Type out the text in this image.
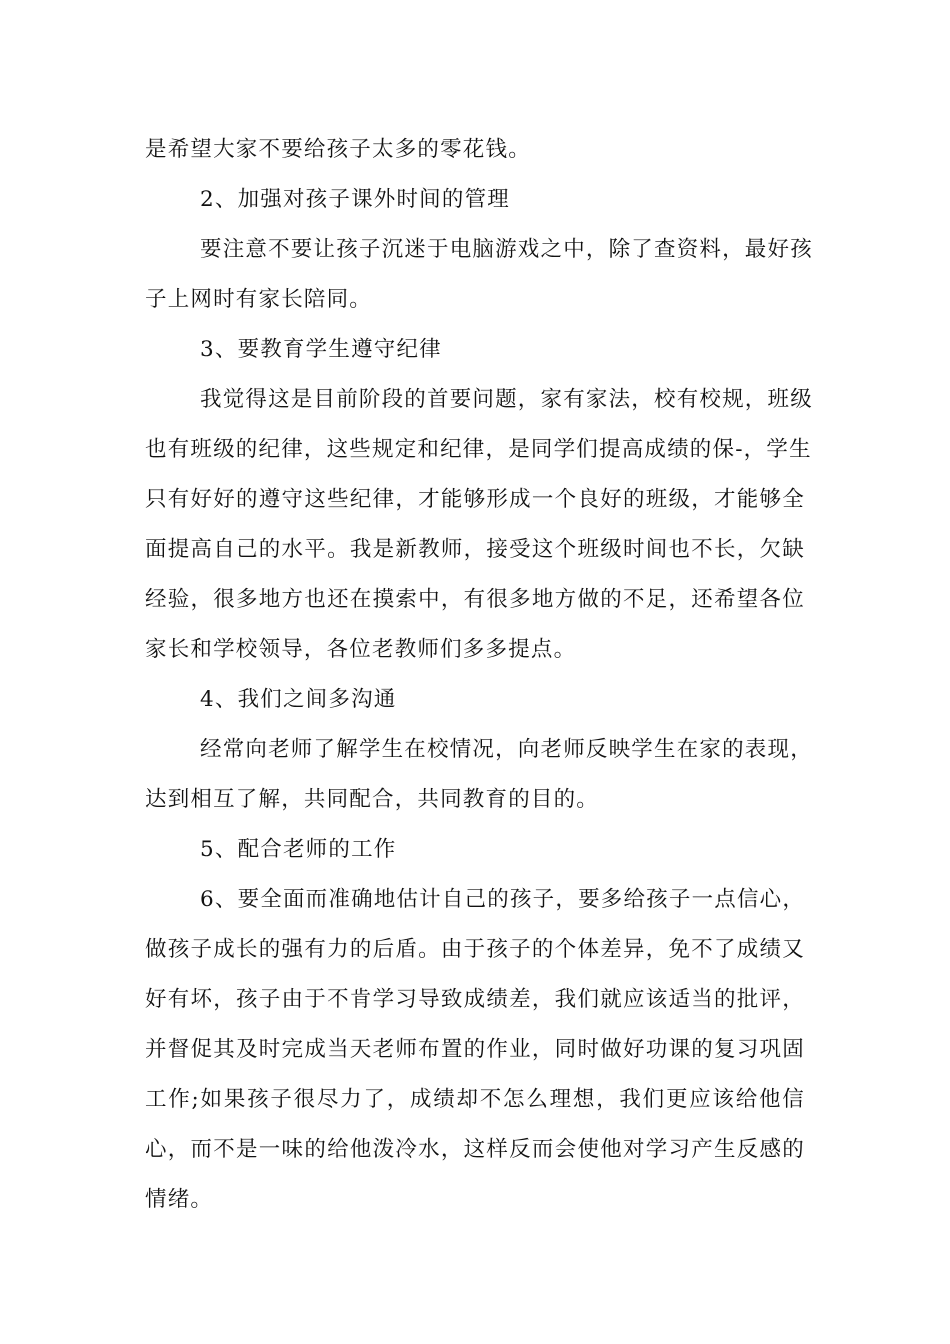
是希望大家不要给孩子太多的零花钱。
2、加强对孩子课外时间的管理
要注意不要让孩子沉迷于电脑游戏之中，除了查资料，最好孩
子上网时有家长陪同。
3、要教育学生遵守纪律
我觉得这是目前阶段的首要问题，家有家法，校有校规，班级
也有班级的纪律，这些规定和纪律，是同学们提高成绩的保-，学生
只有好好的遵守这些纪律，才能够形成一个良好的班级，才能够全
面提高自己的水平。我是新教师，接受这个班级时间也不长，欠缺
经验，很多地方也还在摸索中，有很多地方做的不足，还希望各位
家长和学校领导，各位老教师们多多提点。
4、我们之间多沟通
经常向老师了解学生在校情况，向老师反映学生在家的表现，
达到相互了解，共同配合，共同教育的目的。
5、配合老师的工作
6、要全面而准确地估计自己的孩子，要多给孩子一点信心，
做孩子成长的强有力的后盾。由于孩子的个体差异，免不了成绩又
好有坏，孩子由于不肯学习导致成绩差，我们就应该适当的批评，
并督促其及时完成当天老师布置的作业，同时做好功课的复习巩固
工作;如果孩子很尽力了，成绩却不怎么理想，我们更应该给他信
心，而不是一味的给他泼冷水，这样反而会使他对学习产生反感的
情绪。
